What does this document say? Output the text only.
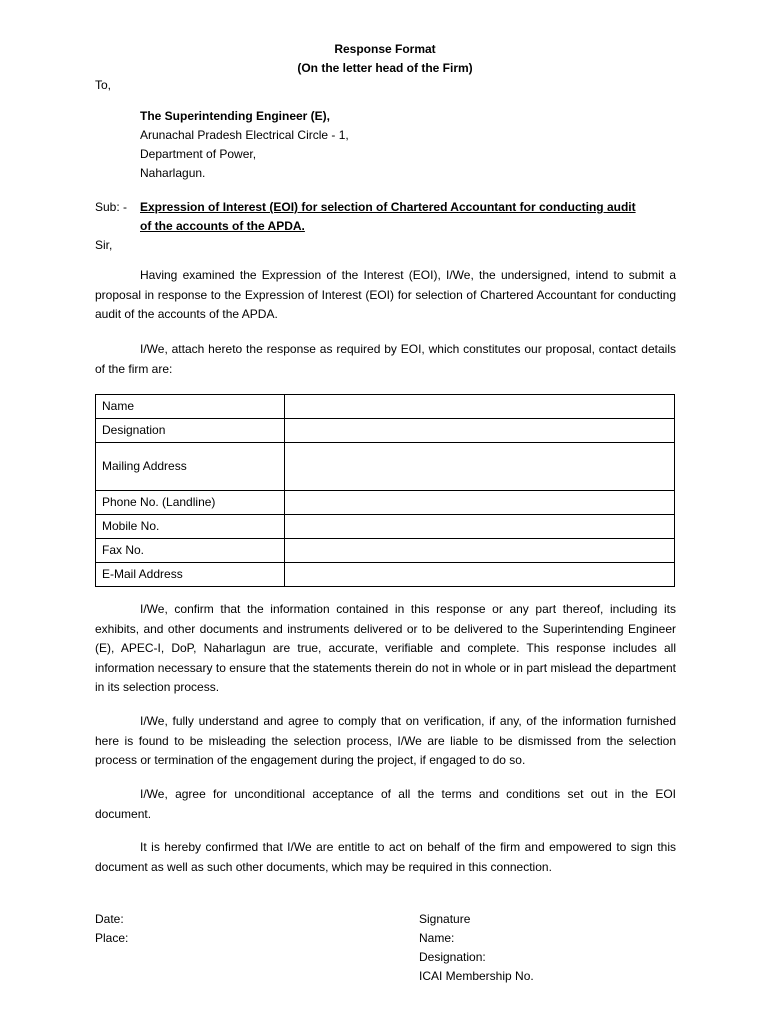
Response Format
(On the letter head of the Firm)
To,
The Superintending Engineer (E),
Arunachal Pradesh Electrical Circle - 1,
Department of Power,
Naharlagun.
Sub: - Expression of Interest (EOI) for selection of Chartered Accountant for conducting audit
of the accounts of the APDA.
Sir,
Having examined the Expression of the Interest (EOI), I/We, the undersigned, intend to submit a proposal in response to the Expression of Interest (EOI) for selection of Chartered Accountant for conducting audit of the accounts of the APDA.
I/We, attach hereto the response as required by EOI, which constitutes our proposal, contact details of the firm are:
Name	
Designation	
Mailing Address	
Phone No. (Landline)	
Mobile No.	
Fax No.	
E-Mail Address	
I/We, confirm that the information contained in this response or any part thereof, including its exhibits, and other documents and instruments delivered or to be delivered to the Superintending Engineer (E), APEC-I, DoP, Naharlagun are true, accurate, verifiable and complete. This response includes all information necessary to ensure that the statements therein do not in whole or in part mislead the department in its selection process.
I/We, fully understand and agree to comply that on verification, if any, of the information furnished here is found to be misleading the selection process, I/We are liable to be dismissed from the selection process or termination of the engagement during the project, if engaged to do so.
I/We, agree for unconditional acceptance of all the terms and conditions set out in the EOI document.
It is hereby confirmed that I/We are entitle to act on behalf of the firm and empowered to sign this document as well as such other documents, which may be required in this connection.
Date:
Place:
Signature
Name:
Designation:
ICAI Membership No.
